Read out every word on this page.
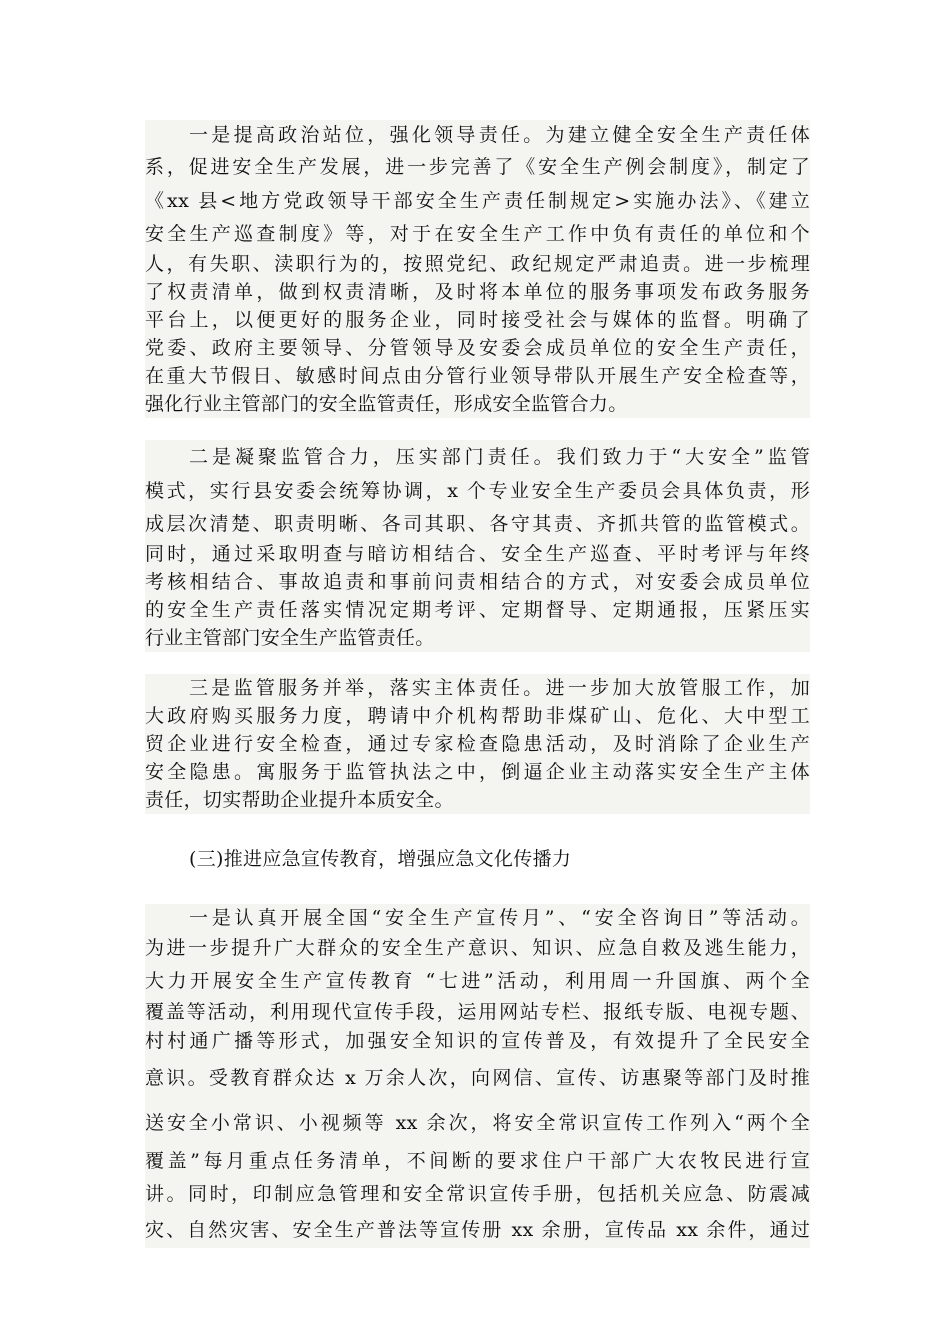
一是提高政治站位，强化领导责任。为建立健全安全生产责任体
系，促进安全生产发展，进一步完善了《安全生产例会制度》，制定了
《xx 县<地方党政领导干部安全生产责任制规定>实施办法》、《建立
安全生产巡查制度》等，对于在安全生产工作中负有责任的单位和个
人，有失职、渎职行为的，按照党纪、政纪规定严肃追责。进一步梳理
了权责清单，做到权责清晰，及时将本单位的服务事项发布政务服务
平台上，以便更好的服务企业，同时接受社会与媒体的监督。明确了
党委、政府主要领导、分管领导及安委会成员单位的安全生产责任，
在重大节假日、敏感时间点由分管行业领导带队开展生产安全检查等，
强化行业主管部门的安全监管责任，形成安全监管合力。
二是凝聚监管合力，压实部门责任。我们致力于“大安全”监管
模式，实行县安委会统筹协调，x 个专业安全生产委员会具体负责，形
成层次清楚、职责明晰、各司其职、各守其责、齐抓共管的监管模式。
同时，通过采取明查与暗访相结合、安全生产巡查、平时考评与年终
考核相结合、事故追责和事前问责相结合的方式，对安委会成员单位
的安全生产责任落实情况定期考评、定期督导、定期通报，压紧压实
行业主管部门安全生产监管责任。
三是监管服务并举，落实主体责任。进一步加大放管服工作，加
大政府购买服务力度，聘请中介机构帮助非煤矿山、危化、大中型工
贸企业进行安全检查，通过专家检查隐患活动，及时消除了企业生产
安全隐患。寓服务于监管执法之中，倒逼企业主动落实安全生产主体
责任，切实帮助企业提升本质安全。
(三)推进应急宣传教育，增强应急文化传播力
一是认真开展全国“安全生产宣传月”、“安全咨询日”等活动。
为进一步提升广大群众的安全生产意识、知识、应急自救及逃生能力，
大力开展安全生产宣传教育 “七进”活动，利用周一升国旗、两个全
覆盖等活动，利用现代宣传手段，运用网站专栏、报纸专版、电视专题、
村村通广播等形式，加强安全知识的宣传普及，有效提升了全民安全
意识。受教育群众达 x 万余人次，向网信、宣传、访惠聚等部门及时推
送安全小常识、小视频等 xx 余次，将安全常识宣传工作列入“两个全
覆盖”每月重点任务清单，不间断的要求住户干部广大农牧民进行宣
讲。同时，印制应急管理和安全常识宣传手册，包括机关应急、防震减
灾、自然灾害、安全生产普法等宣传册 xx 余册，宣传品 xx 余件，通过
